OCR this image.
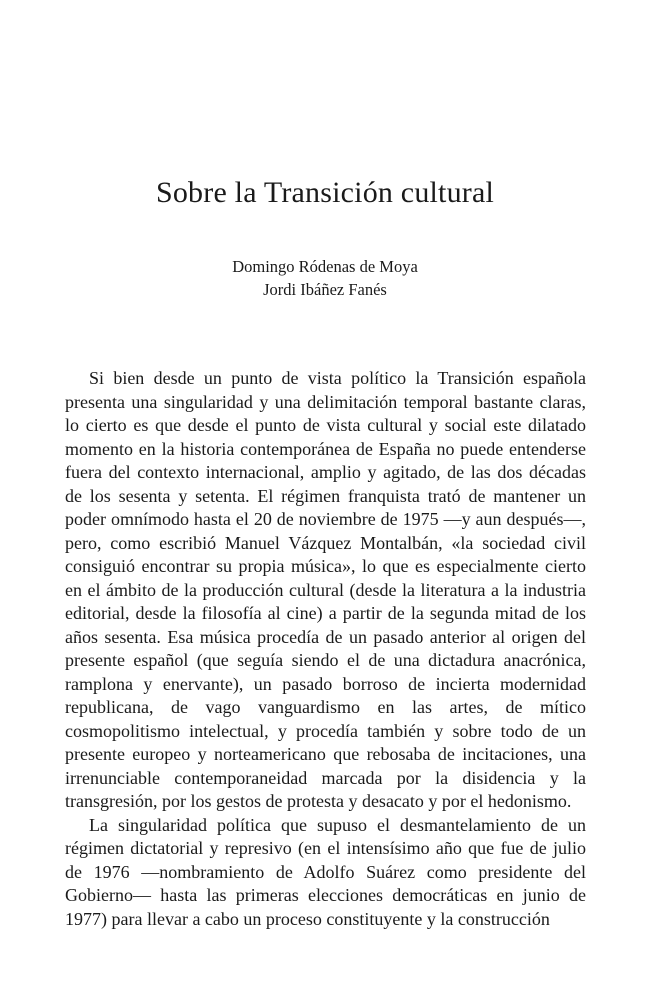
Sobre la Transición cultural
Domingo Ródenas de Moya
Jordi Ibáñez Fanés

Si bien desde un punto de vista político la Transición española presenta una singularidad y una delimitación temporal bastante claras, lo cierto es que desde el punto de vista cultural y social este dilatado momento en la historia contemporánea de España no puede entenderse fuera del contexto internacional, amplio y agitado, de las dos décadas de los sesenta y setenta. El régimen franquista trató de mantener un poder omnímodo hasta el 20 de noviembre de 1975 —y aun después—, pero, como escribió Manuel Vázquez Montalbán, «la sociedad civil consiguió encontrar su propia música», lo que es especialmente cierto en el ámbito de la producción cultural (desde la literatura a la industria editorial, desde la filosofía al cine) a partir de la segunda mitad de los años sesenta. Esa música procedía de un pasado anterior al origen del presente español (que seguía siendo el de una dictadura anacrónica, ramplona y enervante), un pasado borroso de incierta modernidad republicana, de vago vanguardismo en las artes, de mítico cosmopolitismo intelectual, y procedía también y sobre todo de un presente europeo y norteamericano que rebosaba de incitaciones, una irrenunciable contemporaneidad marcada por la disidencia y la transgresión, por los gestos de protesta y desacato y por el hedonismo.

La singularidad política que supuso el desmantelamiento de un régimen dictatorial y represivo (en el intensísimo año que fue de julio de 1976 —nombramiento de Adolfo Suárez como presidente del Gobierno— hasta las primeras elecciones democráticas en junio de 1977) para llevar a cabo un proceso constituyente y la construcción
